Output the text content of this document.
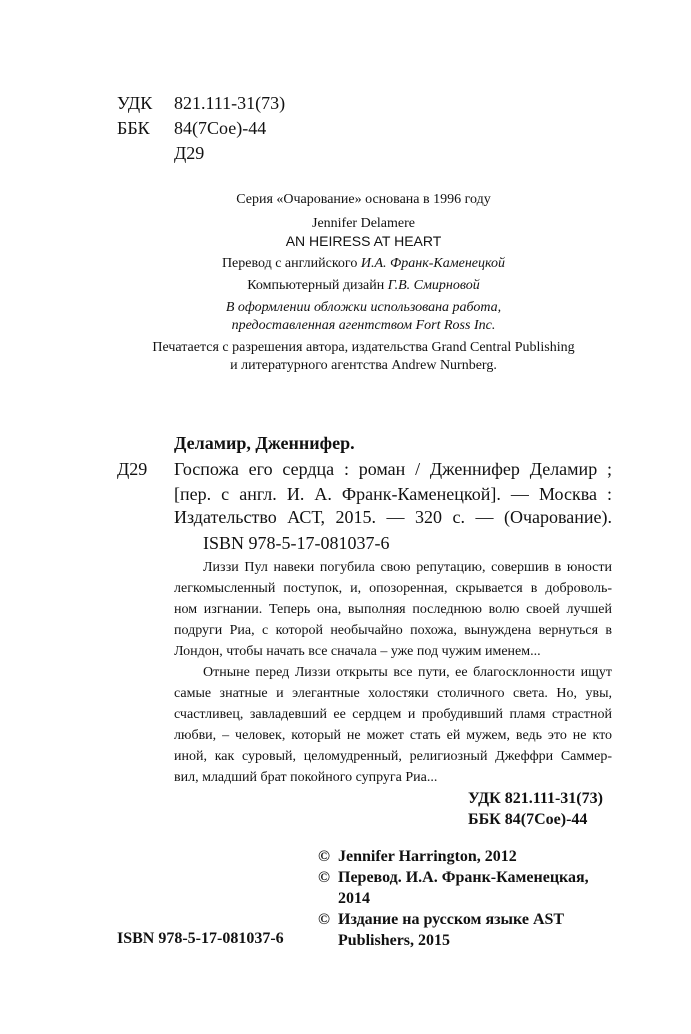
УДК 821.111-31(73)
ББК 84(7Сое)-44
Д29
Серия «Очарование» основана в 1996 году
Jennifer Delamere
AN HEIRESS AT HEART
Перевод с английского И.А. Франк-Каменецкой
Компьютерный дизайн Г.В. Смирновой
В оформлении обложки использована работа,
предоставленная агентством Fort Ross Inc.
Печатается с разрешения автора, издательства Grand Central Publishing
и литературного агентства Andrew Nurnberg.
Деламир, Дженнифер.
Д29 Госпожа его сердца : роман / Дженнифер Деламир ;
[пер. с англ. И. А. Франк-Каменецкой]. — Москва :
Издательство АСТ, 2015. — 320 с. — (Очарование).
ISBN 978-5-17-081037-6
Лиззи Пул навеки погубила свою репутацию, совершив в юности
легкомысленный поступок, и, опозоренная, скрывается в доброволь-
ном изгнании. Теперь она, выполняя последнюю волю своей лучшей
подруги Риа, с которой необычайно похожа, вынуждена вернуться в
Лондон, чтобы начать все сначала – уже под чужим именем...
Отныне перед Лиззи открыты все пути, ее благосклонности ищут
самые знатные и элегантные холостяки столичного света. Но, увы,
счастливец, завладевший ее сердцем и пробудивший пламя страстной
любви, – человек, который не может стать ей мужем, ведь это не кто
иной, как суровый, целомудренный, религиозный Джеффри Саммер-
вил, младший брат покойного супруга Риа...
УДК 821.111-31(73)
ББК 84(7Сое)-44
© Jennifer Harrington, 2012
© Перевод. И.А. Франк-Каменецкая,
2014
© Издание на русском языке AST
Publishers, 2015
ISBN 978-5-17-081037-6
